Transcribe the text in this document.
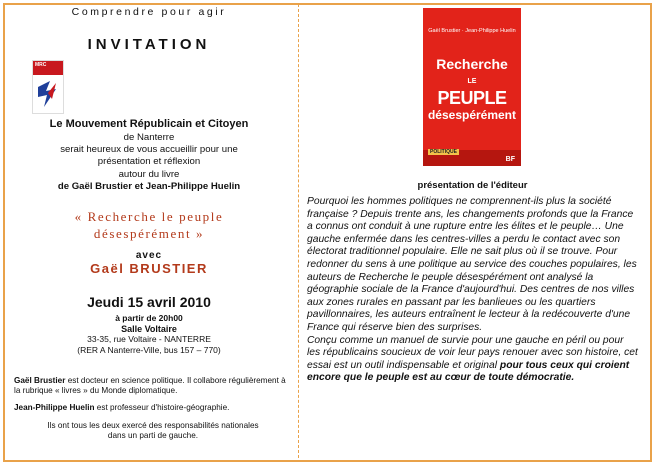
Comprendre pour agir
INVITATION
MRC
Le Mouvement Républicain et Citoyen
de Nanterre
serait heureux de vous accueillir pour une
présentation et réflexion
autour du livre
de Gaël Brustier et Jean-Philippe Huelin
« Recherche le peuple
désespérément »
avec
Gaël BRUSTIER
Jeudi 15 avril 2010
à partir de 20h00
Salle Voltaire
33-35, rue Voltaire - NANTERRE
(RER A Nanterre-Ville, bus 157 – 770)

Gaël Brustier est docteur en science politique. Il collabore régulièrement à la rubrique « livres » du Monde diplomatique.

Jean-Philippe Huelin est professeur d'histoire-géographie.

Ils ont tous les deux exercé des responsabilités nationales
dans un parti de gauche.
Gaël Brustier · Jean-Philippe Huelin
Recherche
LE
PEUPLE
désespérément
POLITIQUE
BF
présentation de l'éditeur
Pourquoi les hommes politiques ne comprennent-ils plus la société française ? Depuis trente ans, les changements profonds que la France a connus ont conduit à une rupture entre les élites et le peuple… Une gauche enfermée dans les centres-villes a perdu le contact avec son électorat traditionnel populaire. Elle ne sait plus où il se trouve. Pour redonner du sens à une politique au service des couches populaires, les auteurs de Recherche le peuple désespérément ont analysé la géographie sociale de la France d'aujourd'hui. Des centres de nos villes aux zones rurales en passant par les banlieues ou les quartiers pavillonnaires, les auteurs entraînent le lecteur à la redécouverte d'une France qui réserve bien des surprises.
Conçu comme un manuel de survie pour une gauche en péril ou pour les républicains soucieux de voir leur pays renouer avec son histoire, cet essai est un outil indispensable et original pour tous ceux qui croient encore que le peuple est au cœur de toute démocratie.
